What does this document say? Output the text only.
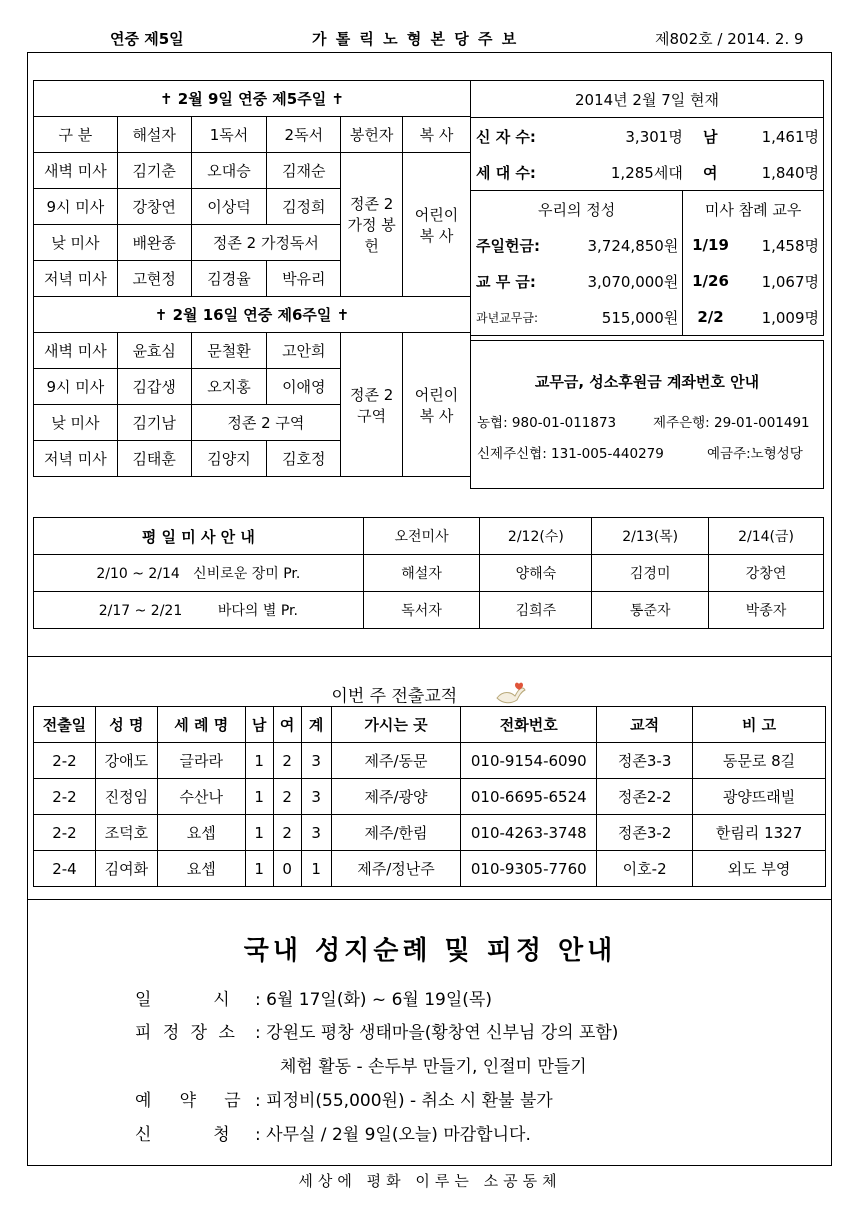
연중 제5일	가 톨 릭 노 형 본 당 주 보	제802호 / 2014. 2. 9
✝ 2월 9일 연중 제5주일 ✝					
구 분	해설자	1독서	2독서	봉헌자	복 사
새벽 미사	김기춘	오대승	김재순	정존 2 가정 봉헌	어린이 복 사
9시 미사	강창연	이상덕	김정희		
낮 미사	배완종	정존 2 가정독서			
저녁 미사	고현정	김경율	박유리		
✝ 2월 16일 연중 제6주일 ✝					
새벽 미사	윤효심	문철환	고안희	정존 2 구역	어린이 복 사
9시 미사	김갑생	오지홍	이애영		
낮 미사	김기남	정존 2 구역			
저녁 미사	김태훈	김양지	김호정		
2014년 2월 7일 현재			
신 자 수:	3,301명	남	1,461명
세 대 수:	1,285세대	여	1,840명
우리의 정성		미사 참례 교우	
주일헌금:	3,724,850원	1/19	1,458명
교 무 금:	3,070,000원	1/26	1,067명
과년교무금:	515,000원	2/2	1,009명
교무금, 성소후원금 계좌번호 안내
농협: 980-01-011873	제주은행: 29-01-001491
신제주신협: 131-005-440279	예금주:노형성당
평 일 미 사 안 내	오전미사	2/12(수)	2/13(목)	2/14(금)
2/10 ~ 2/14   신비로운 장미 Pr.	해설자	양해숙	김경미	강창연
2/17 ~ 2/21        바다의 별 Pr.	독서자	김희주	통준자	박종자
이번 주 전출교적
전출일	성 명	세 례 명	남	여	계	가시는 곳	전화번호	교적	비 고
2-2	강애도	글라라	1	2	3	제주/동문	010-9154-6090	정존3-3	동문로 8길
2-2	진정임	수산나	1	2	3	제주/광양	010-6695-6524	정존2-2	광양뜨래빌
2-2	조덕호	요셉	1	2	3	제주/한림	010-4263-3748	정존3-2	한림리 1327
2-4	김여화	요셉	1	0	1	제주/정난주	010-9305-7760	이호-2	외도 부영
국내 성지순례 및 피정 안내
일       시 : 6월 17일(화) ~ 6월 19일(목)
피 정 장 소 : 강원도 평창 생태마을(황창연 신부님 강의 포함)
체험 활동 - 손두부 만들기, 인절미 만들기
예   약   금 : 피정비(55,000원) - 취소 시 환불 불가
신       청 : 사무실 / 2월 9일(오늘) 마감합니다.
세상에 평화 이루는 소공동체
